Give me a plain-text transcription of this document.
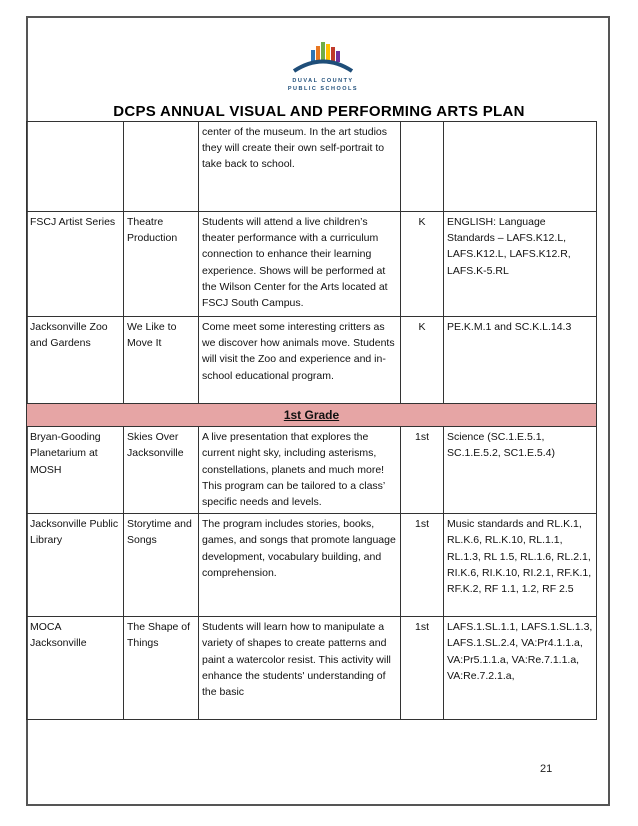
DUVAL COUNTY
PUBLIC SCHOOLS
DCPS ANNUAL VISUAL AND PERFORMING ARTS PLAN
		center of the museum. In the art studios they will create their own self-portrait to take back to school.		
FSCJ Artist Series	Theatre Production	Students will attend a live children’s theater performance with a curriculum connection to enhance their learning experience. Shows will be performed at the Wilson Center for the Arts located at FSCJ South Campus.	K	ENGLISH: Language Standards – LAFS.K12.L, LAFS.K12.L, LAFS.K12.R, LAFS.K-5.RL
Jacksonville Zoo and Gardens	We Like to Move It	Come meet some interesting critters as we discover how animals move. Students will visit the Zoo and experience and in-school educational program.	K	PE.K.M.1 and SC.K.L.14.3
1st Grade				
Bryan-Gooding Planetarium at MOSH	Skies Over Jacksonville	A live presentation that explores the current night sky, including asterisms, constellations, planets and much more! This program can be tailored to a class’ specific needs and levels.	1st	Science (SC.1.E.5.1, SC.1.E.5.2, SC1.E.5.4)
Jacksonville Public Library	Storytime and Songs	The program includes stories, books, games, and songs that promote language development, vocabulary building, and comprehension.	1st	Music standards and RL.K.1, RL.K.6, RL.K.10, RL.1.1, RL.1.3, RL 1.5, RL.1.6, RL.2.1, RI.K.6, RI.K.10, RI.2.1, RF.K.1, RF.K.2, RF 1.1, 1.2, RF 2.5
MOCA Jacksonville	The Shape of Things	Students will learn how to manipulate a variety of shapes to create patterns and paint a watercolor resist. This activity will enhance the students' understanding of the basic	1st	LAFS.1.SL.1.1, LAFS.1.SL.1.3, LAFS.1.SL.2.4, VA:Pr4.1.1.a, VA:Pr5.1.1.a, VA:Re.7.1.1.a, VA:Re.7.2.1.a,
21
